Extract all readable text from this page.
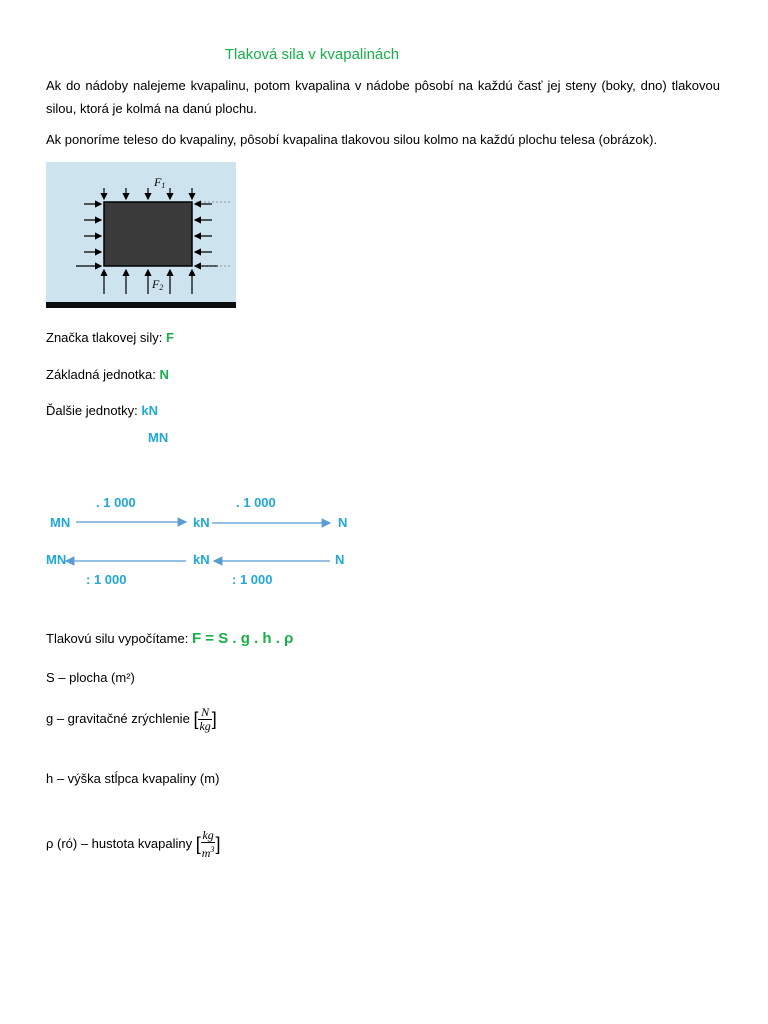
Tlaková sila v kvapalinách
Ak do nádoby nalejeme kvapalinu, potom kvapalina v nádobe pôsobí na každú časť jej steny (boky, dno) tlakovou silou, ktorá je kolmá na danú plochu.
Ak ponoríme teleso do kvapaliny, pôsobí kvapalina tlakovou silou kolmo na každú plochu telesa (obrázok).
F1
F2
Značka tlakovej sily: F
Základná jednotka: N
Ďalšie jednotky: kN
MN
. 1 000	. 1 000
MN	kN	N
MN	kN	N
: 1 000	: 1 000
Tlakovú silu vypočítame: F = S . g . h . ρ
S – plocha (m²)
g – gravitačné zrýchlenie [ $\frac{N}{kg}$ ]
h – výška stĺpca kvapaliny (m)
ρ (ró) – hustota kvapaliny [ $\frac{kg}{m^3}$ ]
